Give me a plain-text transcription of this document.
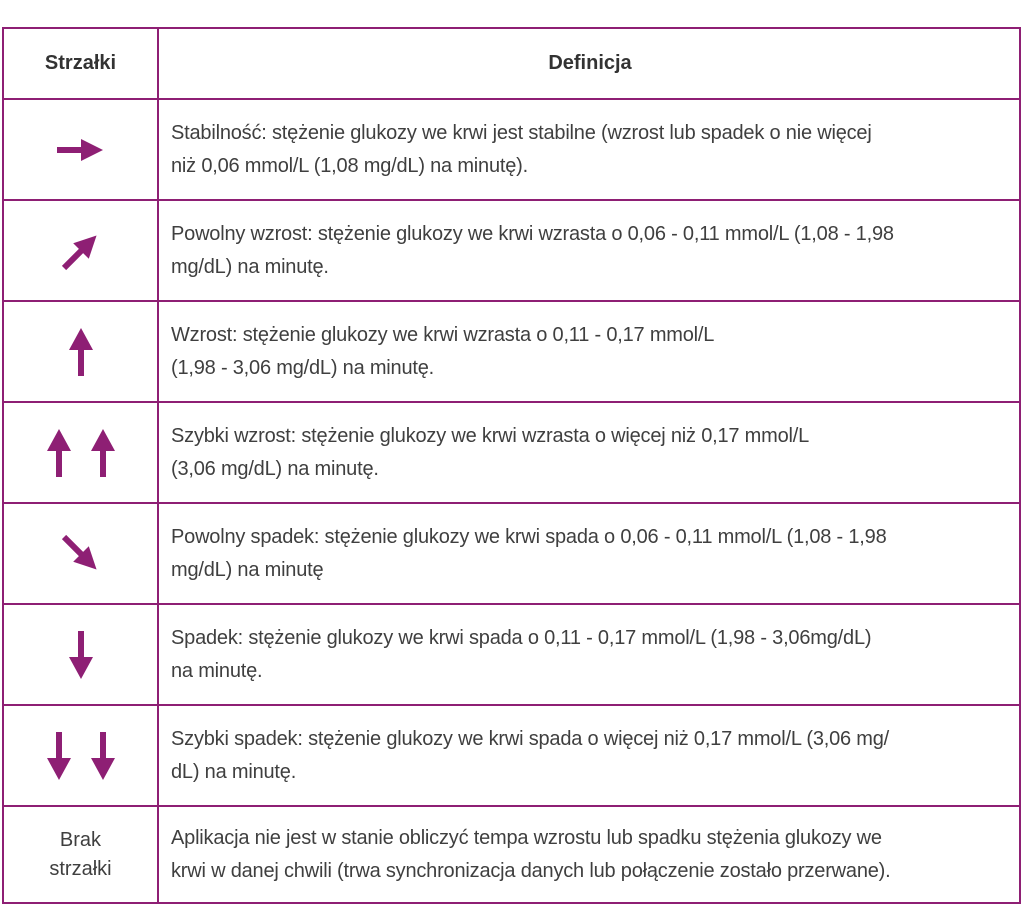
Strzałki	Definicja
Stabilność: stężenie glukozy we krwi jest stabilne (wzrost lub spadek o nie więcej
niż 0,06 mmol/L (1,08 mg/dL) na minutę).
Powolny wzrost: stężenie glukozy we krwi wzrasta o 0,06 - 0,11 mmol/L (1,08 - 1,98
mg/dL) na minutę.
Wzrost: stężenie glukozy we krwi wzrasta o 0,11 - 0,17 mmol/L
(1,98 - 3,06 mg/dL) na minutę.
Szybki wzrost: stężenie glukozy we krwi wzrasta o więcej niż 0,17 mmol/L
(3,06 mg/dL) na minutę.
Powolny spadek: stężenie glukozy we krwi spada o 0,06 - 0,11 mmol/L (1,08 - 1,98
mg/dL) na minutę
Spadek: stężenie glukozy we krwi spada o 0,11 - 0,17 mmol/L (1,98 - 3,06mg/dL)
na minutę.
Szybki spadek: stężenie glukozy we krwi spada o więcej niż 0,17 mmol/L (3,06 mg/
dL) na minutę.
Brak
strzałki
Aplikacja nie jest w stanie obliczyć tempa wzrostu lub spadku stężenia glukozy we
krwi w danej chwili (trwa synchronizacja danych lub połączenie zostało przerwane).
